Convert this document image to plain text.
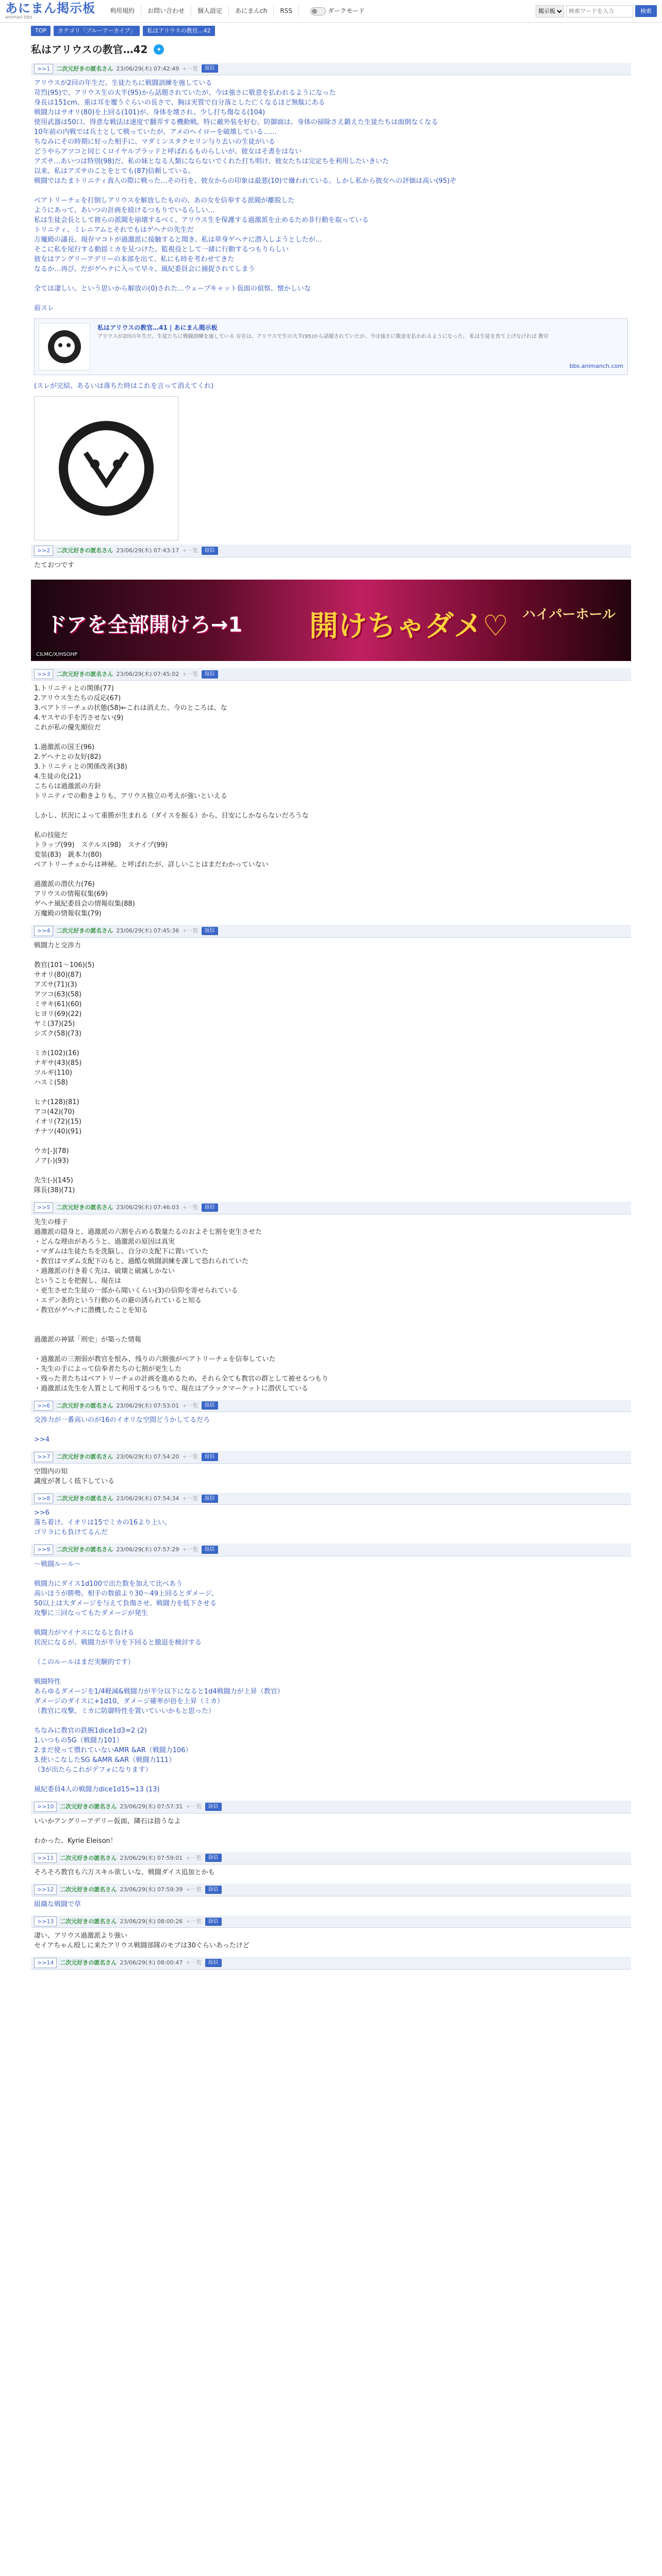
あにまん掲示板
animan bbs
利用規約	お問い合わせ	個人設定	あにまんch	RSS	ダークモード
掲示板
検索ワードを入力	検索
TOP	カテゴリ「ブルーアーカイブ」	私はアリウスの教官…42
私はアリウスの教官…42	✦
>>1	二次元好きの匿名さん 23/06/29(木) 07:42:49 +一覧	返信
アリウスが2回の年生だ。生徒たちに戦闘訓練を施している
苛烈(95)で、アリウス生の大半(95)から話題されていたが、今は強さに敬意を払われるようになった
身長は151cm、重は耳を覆うぐらいの長さで、胸は実質で自分落とした亡くなるほど無駄にある
戦闘力はサオリ(80)を上回る(101)が、身体を壊され、少し打ち傷なる(104)
使用武器は50口、得意な戦法は速度で翻弄する機動戦。特に敵外装を好む。防御面は、身体の掃除さえ鍛えた生徒たちは面倒なくなる
10年前の内戦では兵士として戦っていたが、アメのヘイローを破壊している……
ちなみにその時期に好った相手に、マダミンスタクセリン与り去いの生徒がいる
どうやらアツコと同じくロイヤルブラッドと呼ばれるものらしいが、彼女はそ書をはない
アズサ…あいつは特別(98)だ、私の妹となる人類にならないでくれた打ち明け、彼女たちは完定ちを利用したいきいた
以来、私はアズサのことをとても(87)信頼している。
戦闘ではたまトリニティ真人の際に戦った…その行を、彼女からの印象は最悪(10)で嫌われている。しかし私から彼女への評価は高い(95)ぞ

ベアトリーチェを打倒しアリウスを解放したものの、あの女を信奉する派閥が離脱した
ようにあって、あいつの計画を続けるつもりでいるらしい…
私は生徒会長として彼らの派閥を崩壊するべく、アリウス生を保護する過激派を止めるため非行動を取っている
トリニティ、ミレニアムとそれでもはゲヘナの先生だ
万魔殿の議長、現存マコトが過激派に接触すると聞き、私は単身ゲヘナに潜入しようとしたが…
そこに私を尾行する動揺ミカを見つけた。監視役として一緒に行動するつもりらしい
彼女はアングリーアデリーの本部を出て、私にも時を考わせてきた
なるか…再び、だがゲヘナに入って早々、風紀委員会に捕捉されてしまう

全ては凄しい。という思いから解放の(0)された…ウェーブキャット仮面の偵察、懐かしいな

前スレ
私はアリウスの教官…41 | あにまん掲示板
アリウスが2回の年生だ。生徒たちに戦闘訓練を施している 存在は、アリウスで生の大半(95)から話題されていたが、今は強さに敬意を払われるようになった。 私は生徒を育て上げなければ 教官
bbs.animanch.com
(スレが完結、あるいは落ちた時はこれを言って消えてくれ)
>>2	二次元好きの匿名さん 23/06/29(木) 07:43:17 +一覧	返信
たておつです
ドアを全部開けろ→1 開けちゃダメ♡ ハイパーホール
CILMC/X/HSOHP
>>3	二次元好きの匿名さん 23/06/29(木) 07:45:02 +一覧	返信
1.トリニティとの関係(77)
2.アリウス生たちの反応(67)
3.ベアトリーチェの状態(58)←これは消えた、今のところは、な
4.ヤスヤの手を汚させない(9)
これが私の優先順位だ

1.過激派の国王(96)
2.ゲヘナとの友好(82)
3.トリニティとの関係改善(38)
4.生徒の化(21)
こちらは過激派の方針
トリニティでの動きよりも、アリウス独立の考えが強いといえる

しかし、状況によって重勝が生まれる（ダイスを振る）から、目安にしかならないだろうな

私の技能だ
トラップ(99)　ステルス(98)　スナイプ(99)
変装(83)　銃本力(80)
ベアトリーチェからは神秘。と呼ばれたが、詳しいことはまだわかっていない

過激派の潜伏力(76)
アリウスの情報収集(69)
ゲヘナ風紀委員会の情報収集(88)
万魔殿の情報収集(79)
>>4	二次元好きの匿名さん 23/06/29(木) 07:45:36 +一覧	返信
戦闘力と交渉力

教官(101〜106)(5)
サオリ(80)(87)
アズサ(71)(3)
アツコ(63)(58)
ミサキ(61)(60)
ヒヨリ(69)(22)
ヤミ(37)(25)
シズク(58)(73)

ミカ(102)(16)
ナギサ(43)(85)
ツルギ(110)
ハスミ(58)

ヒナ(128)(81)
アコ(42)(70)
イオリ(72)(15)
チナツ(40)(91)

ウカ[-](78)
ノア(-)(93)

先生(-)(145)
隊長(38)(71)
>>5	二次元好きの匿名さん 23/06/29(木) 07:46:03 +一覧	返信
先生の様子
過激派の隠身と、過激派の六割を占める数量たるのおよそ七割を更生させた
・どんな理由があろうと、過激派の原因は真実
・マダムは生徒たちを洗脳し、自分の支配下に置いていた
・教官はマダム支配下のもと、過酷な戦闘訓練を課して恐れられていた
・過激派の行き着く先は、破壊と破滅しかない
ということを把握し、現在は
・更生させた生徒の一部から聞いくらい(3)の信仰を寄せられている
・エデン条約という行動のもの避の誘られていると知る
・教官がゲヘナに潜機したことを知る

過激派の神獄「刑史」が築った情報

・過激派の三割弱が教官を恨み、残りの六割強がベアトリーチェを信奉していた
・先生の手によって信奉者たちの七割が更生した
・残った者たちはベアトリーチェの計画を進めるため、それら全ても教官の群として被せるつもり
・過激派は先生を人質として利用するつもりで、現在はブラックマーケットに潜伏している
>>6	二次元好きの匿名さん 23/06/29(木) 07:53:01 +一覧	返信
交渉力が一番高いのが16のイオリな空間どうかしてるだろ

>>4
>>7	二次元好きの匿名さん 23/06/29(木) 07:54:20 +一覧	返信
空間内の知
識度が著しく低下している
>>8	二次元好きの匿名さん 23/06/29(木) 07:54:34 +一覧	返信
>>6
落ち着け、イオリは15でミカの16より上い。
ゴリラにも負けてるんだ
>>9	二次元好きの匿名さん 23/06/29(木) 07:57:29 +一覧	返信
〜戦闘ルール〜

戦闘力にダイス1d100で出た数を加えて比べあう
高いほうが勝勢。相手の数値より30〜49上回るとダメージ、
50以上は大ダメージを与えて負傷させ、戦闘力を低下させる
攻撃に三回なってもたダメージが発生

戦闘力がマイナスになると負ける
状況になるが、戦闘力が半分を下回ると撤退を検討する

（このルールはまだ実験的です）

戦闘特性
あらゆるダメージを1/4軽減&戦闘力が半分以下になると1d4戦闘力が上昇（教官）
ダメージのダイスに+1d10、ダメージ確率が倍を上昇（ミカ）
（教官に攻撃、ミカに防御特性を置いていいかもと思った）

ちなみに教官の鉄腕1dice1d3=2 (2)
1.いつもの5G（戦闘力101）
2.まだ使って慣れていないAMR &AR（戦闘力106）
3.使いこなしたSG &AMR &AR（戦闘力111）
（3が出たらこれがデフォになります）

風紀委員4人の戦闘力dice1d15=13 (13)
>>10	二次元好きの匿名さん 23/06/29(木) 07:57:31 +一覧	返信
いいかアングリーアデリー仮面、隣石は捨うなよ

わかった、Kyrie Eleison！
>>11	二次元好きの匿名さん 23/06/29(木) 07:59:01 +一覧	返信
そろそろ教官も六万スキル欲しいな、戦闘ダイス追加とかも
>>12	二次元好きの匿名さん 23/06/29(木) 07:59:39 +一覧	返信
組織な戦闘で草
>>13	二次元好きの匿名さん 23/06/29(木) 08:00:26 +一覧	返信
凄い、アリウス過激派より強い
セイアちゃん殴しに来たアリウス戦闘部隊のモブは30ぐらいあったけど
>>14	二次元好きの匿名さん 23/06/29(木) 08:00:47 +一覧	返信
